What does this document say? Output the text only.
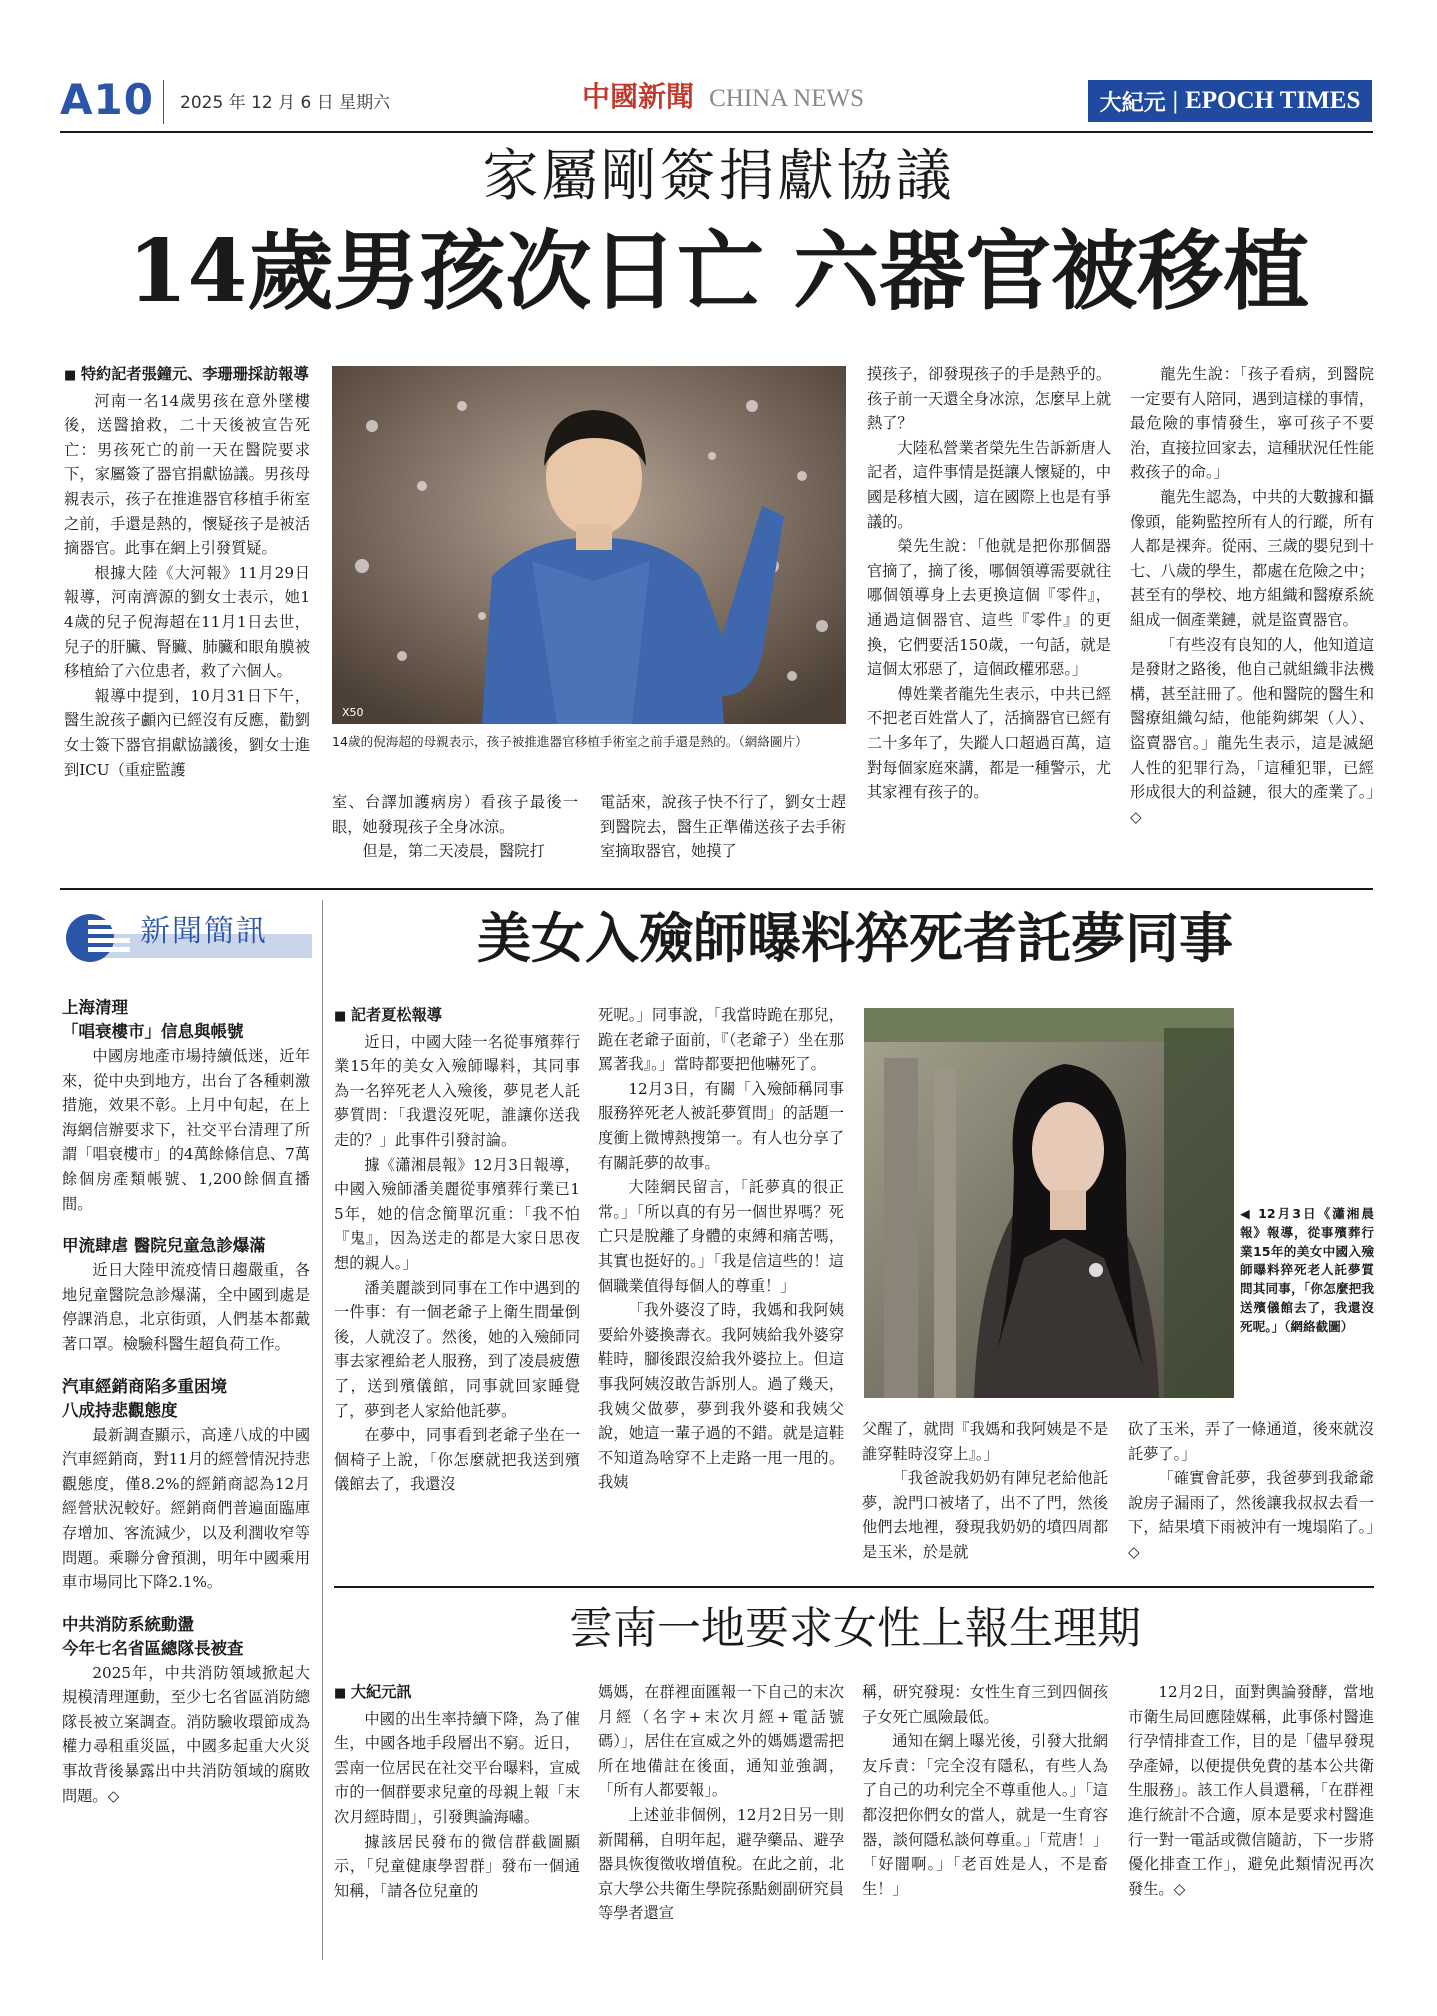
A10 2025 年 12 月 6 日 星期六	中國新聞 CHINA NEWS	大紀元 | EPOCH TIMES
家屬剛簽捐獻協議
14歲男孩次日亡 六器官被移植
■ 特約記者張鐘元、李珊珊採訪報導

河南一名14歲男孩在意外墜樓後，送醫搶救，二十天後被宣告死亡：男孩死亡的前一天在醫院要求下，家屬簽了器官捐獻協議。男孩母親表示，孩子在推進器官移植手術室之前，手還是熱的，懷疑孩子是被活摘器官。此事在網上引發質疑。

根據大陸《大河報》11月29日報導，河南濟源的劉女士表示，她14歲的兒子倪海超在11月1日去世，兒子的肝臟、腎臟、肺臟和眼角膜被移植給了六位患者，救了六個人。

報導中提到，10月31日下午，醫生說孩子顱內已經沒有反應，勸劉女士簽下器官捐獻協議後，劉女士進到ICU（重症監護

X50
14歲的倪海超的母親表示，孩子被推進器官移植手術室之前手還是熱的。（網絡圖片）
室、台譯加護病房）看孩子最後一眼，她發現孩子全身冰涼。

但是，第二天凌晨，醫院打

電話來，說孩子快不行了，劉女士趕到醫院去，醫生正準備送孩子去手術室摘取器官，她摸了
摸孩子，卻發現孩子的手是熱乎的。孩子前一天還全身冰涼，怎麼早上就熱了？

大陸私營業者榮先生告訴新唐人記者，這件事情是挺讓人懷疑的，中國是移植大國，這在國際上也是有爭議的。

榮先生說：「他就是把你那個器官摘了，摘了後，哪個領導需要就往哪個領導身上去更換這個『零件』，通過這個器官、這些『零件』的更換，它們要活150歲，一句話，就是這個太邪惡了，這個政權邪惡。」

傅姓業者龍先生表示，中共已經不把老百姓當人了，活摘器官已經有二十多年了，失蹤人口超過百萬，這對每個家庭來講，都是一種警示，尤其家裡有孩子的。

龍先生說：「孩子看病，到醫院一定要有人陪同，遇到這樣的事情，最危險的事情發生，寧可孩子不要治，直接拉回家去，這種狀況任性能救孩子的命。」

龍先生認為，中共的大數據和攝像頭，能夠監控所有人的行蹤，所有人都是裸奔。從兩、三歲的嬰兒到十七、八歲的學生，都處在危險之中；甚至有的學校、地方組織和醫療系統組成一個產業鏈，就是盜賣器官。

「有些沒有良知的人，他知道這是發財之路後，他自己就組織非法機構，甚至註冊了。他和醫院的醫生和醫療組織勾結，他能夠綁架（人）、盜賣器官。」龍先生表示，這是滅絕人性的犯罪行為，「這種犯罪，已經形成很大的利益鏈，很大的產業了。」◇

新聞簡訊
上海清理
「唱衰樓市」信息與帳號

中國房地產市場持續低迷，近年來，從中央到地方，出台了各種刺激措施，效果不彰。上月中旬起，在上海網信辦要求下，社交平台清理了所謂「唱衰樓市」的4萬餘條信息、7萬餘個房產類帳號、1,200餘個直播間。

甲流肆虐 醫院兒童急診爆滿

近日大陸甲流疫情日趨嚴重，各地兒童醫院急診爆滿，全中國到處是停課消息，北京街頭，人們基本都戴著口罩。檢驗科醫生超負荷工作。

汽車經銷商陷多重困境
八成持悲觀態度

最新調查顯示，高達八成的中國汽車經銷商，對11月的經營情況持悲觀態度，僅8.2%的經銷商認為12月經營狀況較好。經銷商們普遍面臨庫存增加、客流減少，以及利潤收窄等問題。乘聯分會預測，明年中國乘用車市場同比下降2.1%。

中共消防系統動盪
今年七名省區總隊長被查

2025年，中共消防領域掀起大規模清理運動，至少七名省區消防總隊長被立案調查。消防驗收環節成為權力尋租重災區，中國多起重大火災事故背後暴露出中共消防領域的腐敗問題。◇

美女入殮師曝料猝死者託夢同事
■ 記者夏松報導

近日，中國大陸一名從事殯葬行業15年的美女入殮師曝料，其同事為一名猝死老人入殮後，夢見老人託夢質問：「我還沒死呢，誰讓你送我走的？」此事件引發討論。

據《瀟湘晨報》12月3日報導，中國入殮師潘美麗從事殯葬行業已15年，她的信念簡單沉重：「我不怕『鬼』，因為送走的都是大家日思夜想的親人。」

潘美麗談到同事在工作中遇到的一件事：有一個老爺子上衛生間暈倒後，人就沒了。然後，她的入殮師同事去家裡給老人服務，到了凌晨疲憊了，送到殯儀館，同事就回家睡覺了，夢到老人家給他託夢。

在夢中，同事看到老爺子坐在一個椅子上說，「你怎麼就把我送到殯儀館去了，我還沒

死呢。」同事說，「我當時跪在那兒，跪在老爺子面前，『（老爺子）坐在那罵著我』。」當時都要把他嚇死了。

12月3日，有關「入殮師稱同事服務猝死老人被託夢質問」的話題一度衝上微博熱搜第一。有人也分享了有關託夢的故事。

大陸網民留言，「託夢真的很正常。」「所以真的有另一個世界嗎？死亡只是脫離了身體的束縛和痛苦嗎，其實也挺好的。」「我是信這些的！這個職業值得每個人的尊重！」

「我外婆沒了時，我媽和我阿姨要給外婆換壽衣。我阿姨給我外婆穿鞋時，腳後跟沒給我外婆拉上。但這事我阿姨沒敢告訴別人。過了幾天，我姨父做夢，夢到我外婆和我姨父說，她這一輩子過的不錯。就是這鞋不知道為啥穿不上走路一甩一甩的。我姨

◀ 12月3日《瀟湘晨報》報導，從事殯葬行業15年的美女中國入殮師曝料猝死老人託夢質問其同事，「你怎麼把我送殯儀館去了，我還沒死呢。」（網絡截圖）
父醒了，就問『我媽和我阿姨是不是誰穿鞋時沒穿上』。」

「我爸說我奶奶有陣兒老給他託夢，說門口被堵了，出不了門，然後他們去地裡，發現我奶奶的墳四周都是玉米，於是就

砍了玉米，弄了一條通道，後來就沒託夢了。」

「確實會託夢，我爸夢到我爺爺說房子漏雨了，然後讓我叔叔去看一下，結果墳下雨被沖有一塊塌陷了。」◇

雲南一地要求女性上報生理期
■ 大紀元訊

中國的出生率持續下降，為了催生，中國各地手段層出不窮。近日，雲南一位居民在社交平台曝料，宣威市的一個群要求兒童的母親上報「末次月經時間」，引發輿論海嘯。

據該居民發布的微信群截圖顯示，「兒童健康學習群」發布一個通知稱，「請各位兒童的

媽媽，在群裡面匯報一下自己的末次月經（名字+末次月經+電話號碼）」，居住在宣威之外的媽媽還需把所在地備註在後面，通知並強調，「所有人都要報」。

上述並非個例，12月2日另一則新聞稱，自明年起，避孕藥品、避孕器具恢復徵收增值稅。在此之前，北京大學公共衛生學院孫點劍副研究員等學者還宣

稱，研究發現：女性生育三到四個孩子女死亡風險最低。

通知在網上曝光後，引發大批網友斥責：「完全沒有隱私，有些人為了自己的功利完全不尊重他人。」「這都沒把你們女的當人，就是一生育容器，談何隱私談何尊重。」「荒唐！」「好闇啊。」「老百姓是人，不是畜生！」

12月2日，面對輿論發酵，當地市衛生局回應陸媒稱，此事係村醫進行孕情排查工作，目的是「儘早發現孕產婦，以便提供免費的基本公共衛生服務」。該工作人員還稱，「在群裡進行統計不合適，原本是要求村醫進行一對一電話或微信隨訪，下一步將優化排查工作」，避免此類情況再次發生。◇
